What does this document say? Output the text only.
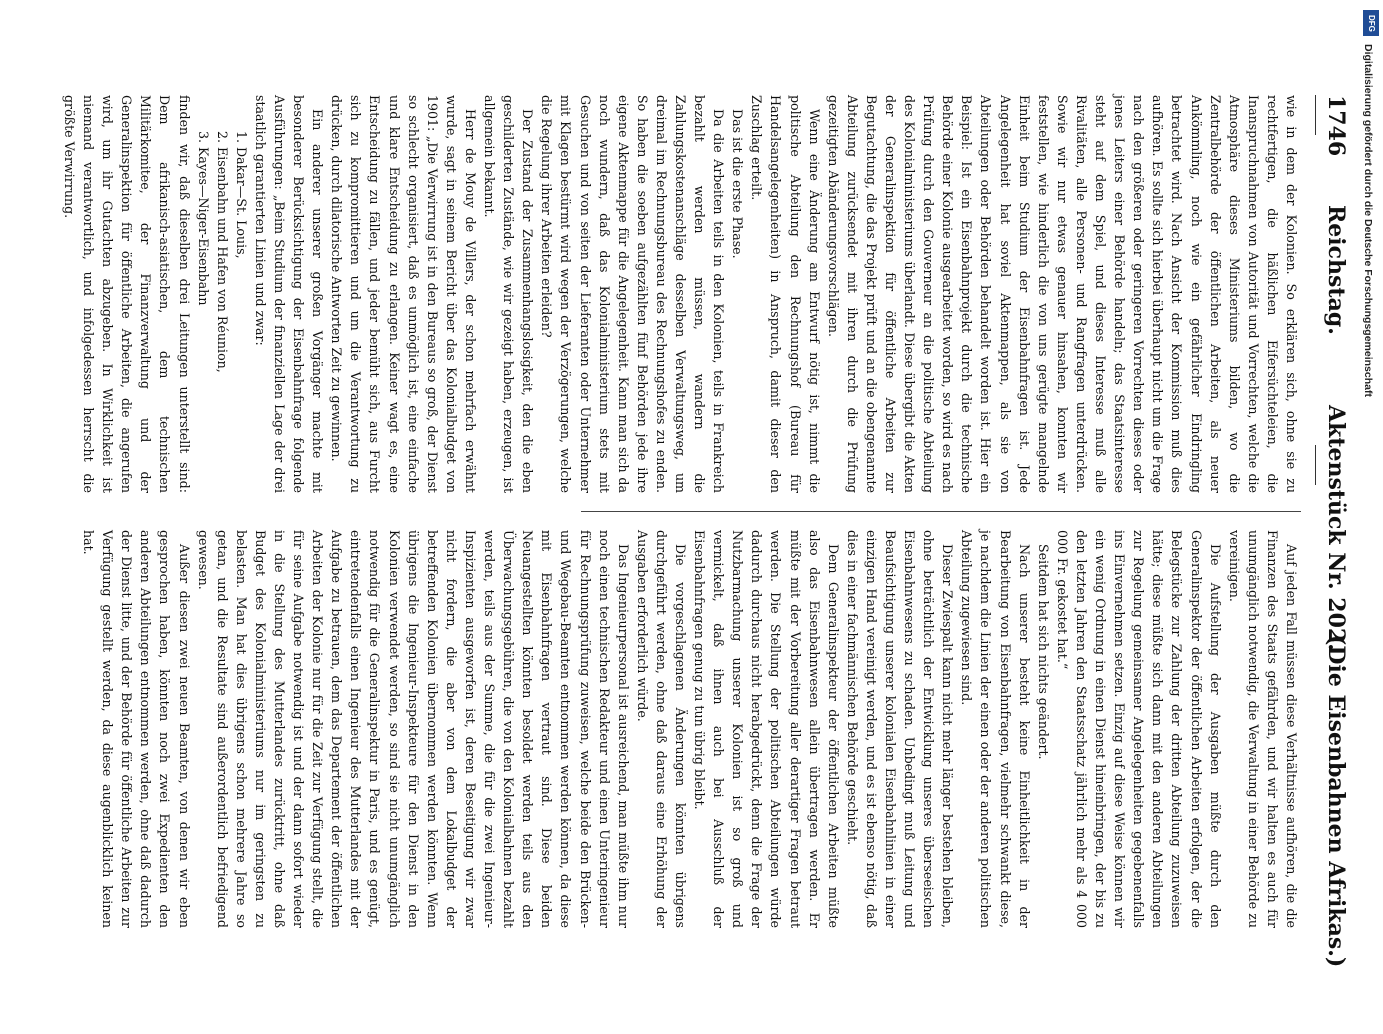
1746
Reichstag.
Aktenstück Nr. 202.
(Die Eisenbahnen Afrikas.)

wie in dem der Kolonien. So erklären sich, ohne sie zu rechtfertigen, die häßlichen Eifersüchteleien, die Inanspruchnahmen von Autorität und Vorrechten, welche die Atmosphäre dieses Ministeriums bilden, wo die Zentralbehörde der öffentlichen Arbeiten, als neuer Ankömmling, noch wie ein gefährlicher Eindringling betrachtet wird. Nach Ansicht der Kommission muß dies aufhören. Es sollte sich hierbei überhaupt nicht um die Frage nach den größeren oder geringeren Vorrechten dieses oder jenes Leiters einer Behörde handeln; das Staatsinteresse steht auf dem Spiel, und dieses Interesse muß alle Rivalitäten, alle Personen- und Rangfragen unterdrücken. Sowie wir nur etwas genauer hinsahen, konnten wir feststellen, wie hinderlich die von uns gerügte mangelnde Einheit beim Studium der Eisenbahnfragen ist. Jede Angelegenheit hat soviel Aktenmappen, als sie von Abteilungen oder Behörden behandelt worden ist. Hier ein Beispiel: Ist ein Eisenbahnprojekt durch die technische Behörde einer Kolonie ausgearbeitet worden, so wird es nach Prüfung durch den Gouverneur an die politische Abteilung des Kolonialministeriums überlandt. Diese übergibt die Akten der Generalinspektion für öffentliche Arbeiten zur Begutachtung, die das Projekt prüft und an die obengenannte Abteilung zurücksendet mit ihren durch die Prüfung gezeitigten Abänderungsvorschlägen.

Wenn eine Änderung am Entwurf nötig ist, nimmt die politische Abteilung den Rechnungshof (Bureau für Handelsangelegenheiten) in Anspruch, damit dieser den Zuschlag erteilt.

Das ist die erste Phase.

Da die Arbeiten teils in den Kolonien, teils in Frankreich bezahlt werden müssen, wandern die Zahlungskostenanschläge desselben Verwaltungsweg, um dreimal im Rechnungsbureau des Rechnungshofes zu enden. So haben die soeben aufgezählten fünf Behörden jede ihre eigene Aktenmappe für die Angelegenheit. Kann man sich da noch wundern, daß das Kolonialministerium stets mit Gesuchen und von seiten der Lieferanten oder Unternehmer mit Klagen bestürmt wird wegen der Verzögerungen, welche die Regelung ihrer Arbeiten erleiden?

Der Zustand der Zusammenhangslosigkeit, den die eben geschilderten Zustände, wie wir gezeigt haben, erzeugen, ist allgemein bekannt.

Herr de Mouy de Villers, der schon mehrfach erwähnt wurde, sagt in seinem Bericht über das Kolonialbudget von 1901: „Die Verwirrung ist in den Bureaus so groß, der Dienst so schlecht organisiert, daß es unmöglich ist, eine einfache und klare Entscheidung zu erlangen. Keiner wagt es, eine Entscheidung zu fällen, und jeder bemüht sich, aus Furcht sich zu kompromittieren und um die Verantwortung zu drücken, durch dilatorische Antworten Zeit zu gewinnen.

Ein anderer unserer großen Vorgänger machte mit besonderer Berücksichtigung der Eisenbahnfrage folgende Ausführungen: „Beim Studium der finanziellen Lage der drei staatlich garantierten Linien und zwar:

1. Dakar—St. Louis,

2. Eisenbahn und Hafen von Réunion,

3. Kayes—Niger-Eisenbahn

finden wir, daß dieselben drei Leitungen unterstellt sind: Dem afrikanisch-asiatischen, dem technischen Militärkomitee, der Finanzverwaltung und der Generalinspektion für öffentliche Arbeiten, die angerufen wird, um ihr Gutachten abzugeben. In Wirklichkeit ist niemand verantwortlich, und infolgedessen herrscht die größte Verwirrung.

Auf jeden Fall müssen diese Verhältnisse aufhören, die die Finanzen des Staats gefährden, und wir halten es auch für unumgänglich notwendig, die Verwaltung in einer Behörde zu vereinigen.

Die Aufstellung der Ausgaben müßte durch den Generalinspektor der öffentlichen Arbeiten erfolgen, der die Belegstücke zur Zahlung der dritten Abteilung zuzuweisen hätte; diese müßte sich dann mit den anderen Abteilungen zur Regelung gemeinsamer Angelegenheiten gegebenenfalls ins Einvernehmen setzen. Einzig auf diese Weise können wir ein wenig Ordnung in einen Dienst hineinbringen, der bis zu den letzten Jahren den Staatsschatz jährlich mehr als 4 000 000 Fr. gekostet hat.“

Seitdem hat sich nichts geändert.

Nach unserer besteht keine Einheitlichkeit in der Bearbeitung von Eisenbahnfragen, vielmehr schwankt diese, je nachdem die Linien der einen oder der anderen politischen Abteilung zugewiesen sind.

Dieser Zwiespalt kann nicht mehr länger bestehen bleiben, ohne beträchtlich der Entwicklung unseres überseeischen Eisenbahnwesens zu schaden. Unbedingt muß Leitung und Beaufsichtigung unserer kolonialen Eisenbahnlinien in einer einzigen Hand vereinigt werden, und es ist ebenso nötig, daß dies in einer fachmännischen Behörde geschieht.

Dem Generalinspekteur der öffentlichen Arbeiten müßte also das Eisenbahnwesen allein übertragen werden. Er müßte mit der Vorbereitung aller derartiger Fragen betraut werden. Die Stellung der politischen Abteilungen würde dadurch durchaus nicht herabgedrückt, denn die Frage der Nutzbarmachung unserer Kolonien ist so groß und vermickelt, daß ihnen auch bei Ausschluß der Eisenbahnfragen genug zu tun übrig bleibt.

Die vorgeschlagenen Änderungen könnten übrigens durchgeführt werden, ohne daß daraus eine Erhöhung der Ausgaben erforderlich würde.

Das Ingenieurpersonal ist ausreichend, man müßte ihm nur noch einen technischen Redakteur und einen Unteringenieur für Rechnungsprüfung zuweisen, welche beide den Brücken- und Wegebau-Beamten entnommen werden können, da diese mit Eisenbahnfragen vertraut sind. Diese beiden Neuangestellten könnten besoldet werden teils aus den Überwachungsgebühren, die von den Kolonialbahnen bezahlt werden, teils aus der Summe, die für die zwei Ingenieur-Inspizienten ausgeworfen ist, deren Beseitigung wir zwar nicht fordern, die aber von dem Lokalbudget der betreffenden Kolonien übernommen werden könnten. Wenn übrigens die Ingenieur-Inspekteure für den Dienst in den Kolonien verwendet werden, so sind sie nicht unumgänglich notwendig für die Generalinspektur in Paris, und es genügt, eintretendenfalls einen Ingenieur des Mutterlandes mit der Aufgabe zu betrauen, dem das Departement der öffentlichen Arbeiten der Kolonie nur für die Zeit zur Verfügung stellt, die für seine Aufgabe notwendig ist und der dann sofort wieder in die Stellung des Mutterlandes zurücktritt, ohne daß Budget des Kolonialministeriums nur im geringsten zu belasten. Man hat dies übrigens schon mehrere Jahre so getan, und die Resultate sind außerordentlich befriedigend gewesen.

Außer diesen zwei neuen Beamten, von denen wir eben gesprochen haben, könnten noch zwei Expedienten den anderen Abteilungen entnommen werden, ohne daß dadurch der Dienst litte, und der Behörde für öffentliche Arbeiten zur Verfügung gestellt werden, da diese augenblicklich keinen hat.

DFG
Digitalisierung gefördert durch die Deutsche Forschungsgemeinschaft
